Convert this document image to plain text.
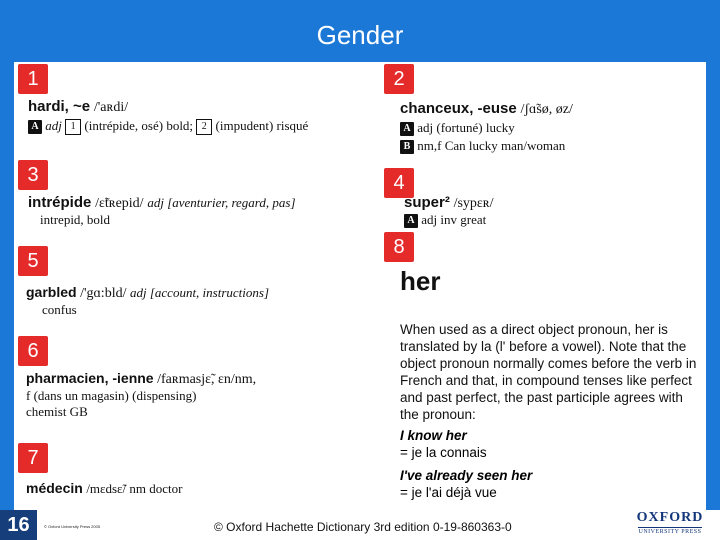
Gender
1	2
3	4
5
8
6
7
hardi, ~e /'aʀdi/
A adj 1 (intrépide, osé) bold; 2 (impudent) risqué
chanceux, -euse /ʃɑ̃sø, øz/
A adj (fortuné) lucky
B nm,f Can lucky man/woman
intrépide /ɛ̃tʀepid/ adj [aventurier, regard, pas]
intrepid, bold
super² /sypɛʀ/
A adj inv great
garbled /'gɑ:bld/ adj [account, instructions]
confus
pharmacien, -ienne /faʀmasjɛ̃, ɛn/nm,
f (dans un magasin) (dispensing)
chemist GB
médecin /mɛdsɛ̃/ nm doctor
her
When used as a direct object pronoun, her is translated by la (l' before a vowel). Note that the object pronoun normally comes before the verb in French and that, in compound tenses like perfect and past perfect, the past participle agrees with the pronoun:
I know her
= je la connais
I've already seen her
= je l'ai déjà vue
16	© Oxford University Press 2005	© Oxford Hachette Dictionary 3rd edition 0-19-860363-0
OXFORD
UNIVERSITY PRESS
